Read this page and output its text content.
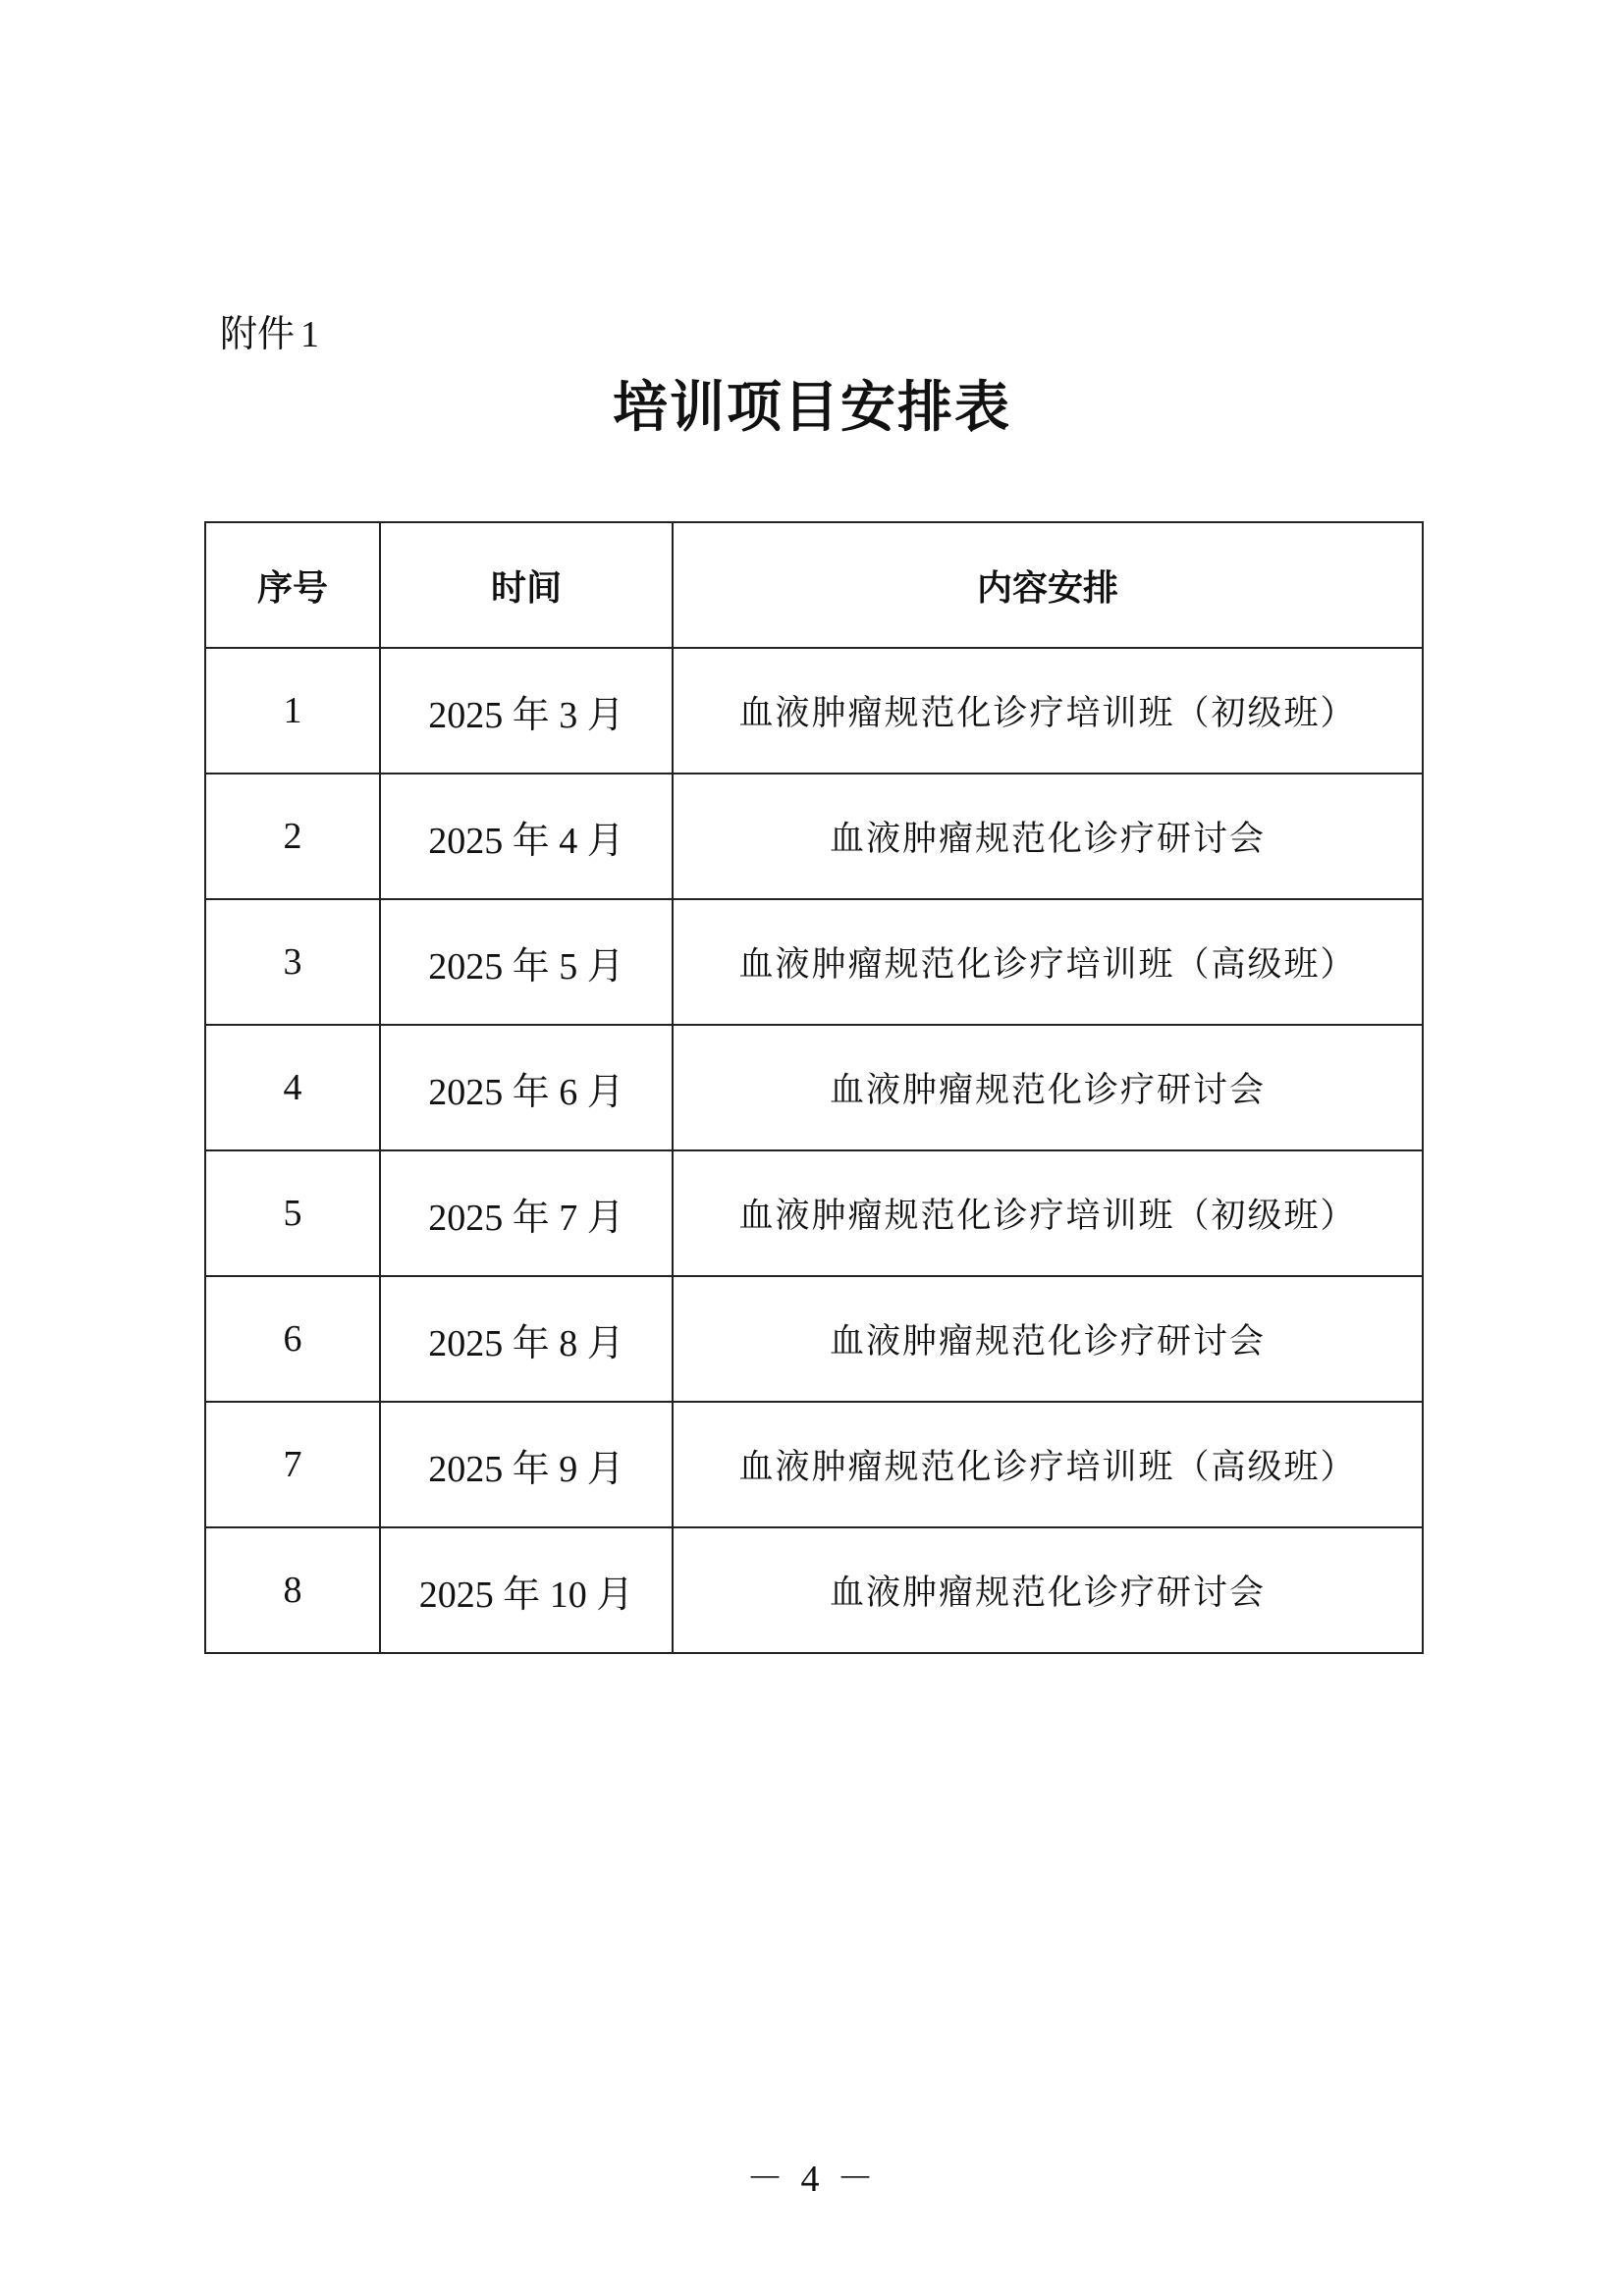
附件 1
培训项目安排表
序号	时间	内容安排
1	2025 年 3 月	血液肿瘤规范化诊疗培训班（初级班）
2	2025 年 4 月	血液肿瘤规范化诊疗研讨会
3	2025 年 5 月	血液肿瘤规范化诊疗培训班（高级班）
4	2025 年 6 月	血液肿瘤规范化诊疗研讨会
5	2025 年 7 月	血液肿瘤规范化诊疗培训班（初级班）
6	2025 年 8 月	血液肿瘤规范化诊疗研讨会
7	2025 年 9 月	血液肿瘤规范化诊疗培训班（高级班）
8	2025 年 10 月	血液肿瘤规范化诊疗研讨会
－ 4 －
